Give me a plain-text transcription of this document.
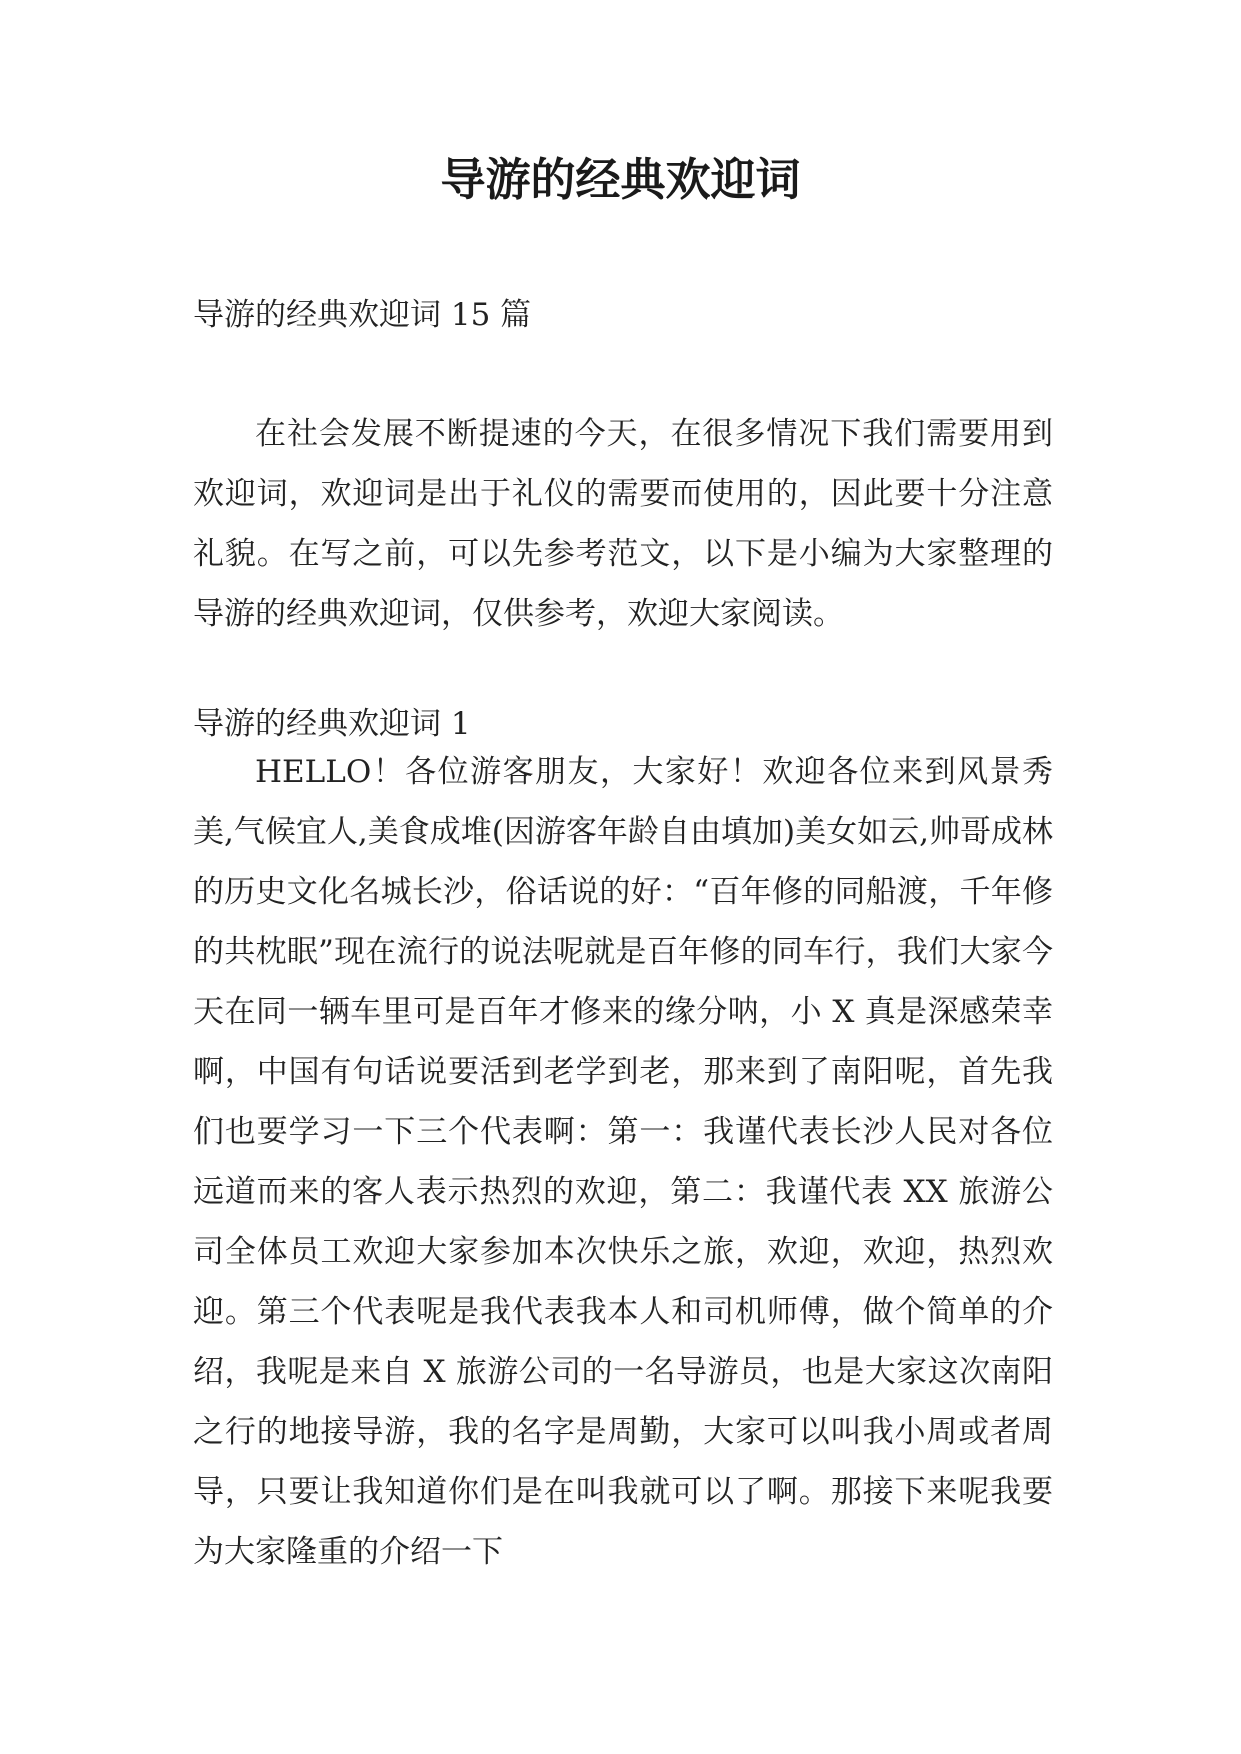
导游的经典欢迎词

导游的经典欢迎词 15 篇

在社会发展不断提速的今天，在很多情况下我们需要用到欢迎词，欢迎词是出于礼仪的需要而使用的，因此要十分注意礼貌。在写之前，可以先参考范文，以下是小编为大家整理的导游的经典欢迎词，仅供参考，欢迎大家阅读。

导游的经典欢迎词 1

HELLO！各位游客朋友，大家好！欢迎各位来到风景秀美,气候宜人,美食成堆(因游客年龄自由填加)美女如云,帅哥成林的历史文化名城长沙，俗话说的好：“百年修的同船渡，千年修的共枕眠”现在流行的说法呢就是百年修的同车行，我们大家今天在同一辆车里可是百年才修来的缘分呐，小 X 真是深感荣幸啊，中国有句话说要活到老学到老，那来到了南阳呢，首先我们也要学习一下三个代表啊：第一：我谨代表长沙人民对各位远道而来的客人表示热烈的欢迎，第二：我谨代表 XX 旅游公司全体员工欢迎大家参加本次快乐之旅，欢迎，欢迎，热烈欢迎。第三个代表呢是我代表我本人和司机师傅，做个简单的介绍，我呢是来自 X 旅游公司的一名导游员，也是大家这次南阳之行的地接导游，我的名字是周勤，大家可以叫我小周或者周导，只要让我知道你们是在叫我就可以了啊。那接下来呢我要为大家隆重的介绍一下
